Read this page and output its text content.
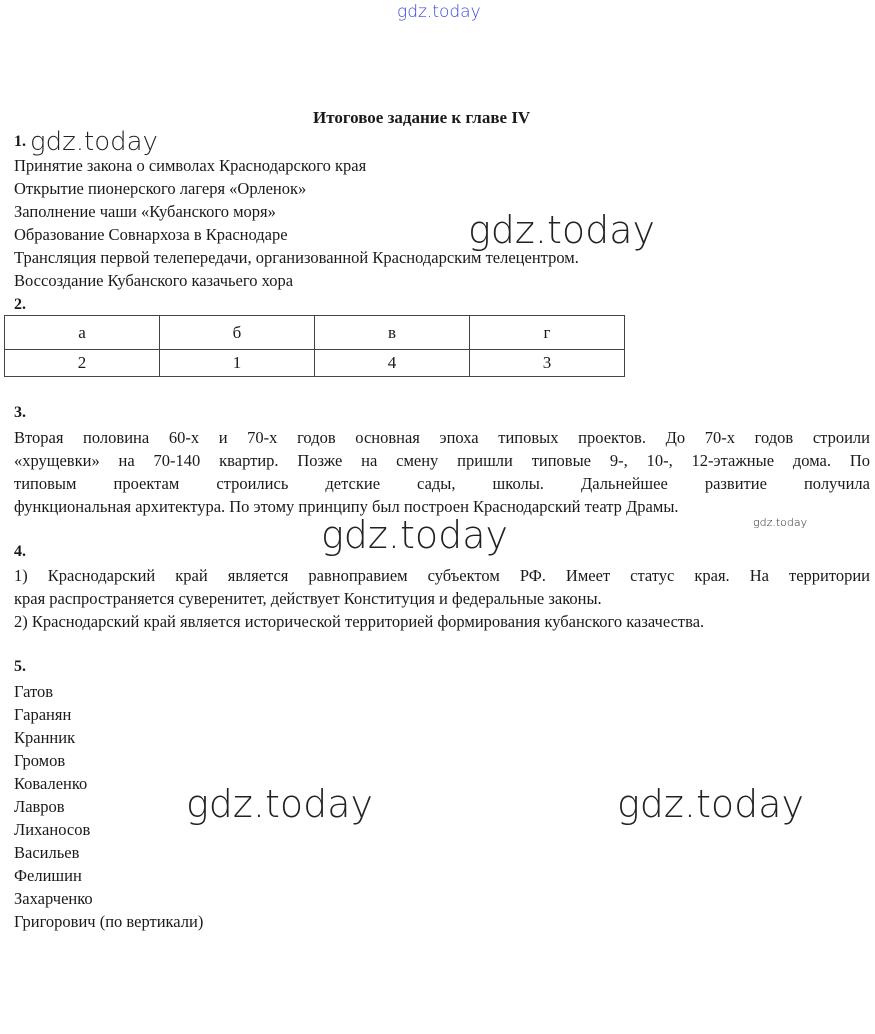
gdz.today
gdz.today
gdz.today
gdz.today	gdz.today
gdz.today	gdz.today
Итоговое задание к главе IV
1.
Принятие закона о символах Краснодарского края
Открытие пионерского лагеря «Орленок»
Заполнение чаши «Кубанского моря»
Образование Совнархоза в Краснодаре
Трансляция первой телепередачи, организованной Краснодарским телецентром.
Воссоздание Кубанского казачьего хора
2.
а	б	в	г
2	1	4	3
3.
Вторая половина 60-х и 70-х годов основная эпоха типовых проектов. До 70-х годов строили
«хрущевки» на 70-140 квартир. Позже на смену пришли типовые 9-, 10-, 12-этажные дома. По
типовым проектам строились детские сады, школы. Дальнейшее развитие получила
функциональная архитектура. По этому принципу был построен Краснодарский театр Драмы.
4.
1) Краснодарский край является равноправием субъектом РФ. Имеет статус края. На территории
края распространяется суверенитет, действует Конституция и федеральные законы.
2) Краснодарский край является исторической территорией формирования кубанского казачества.
5.
Гатов
Гаранян
Кранник
Громов
Коваленко
Лавров
Лиханосов
Васильев
Фелишин
Захарченко
Григорович (по вертикали)
